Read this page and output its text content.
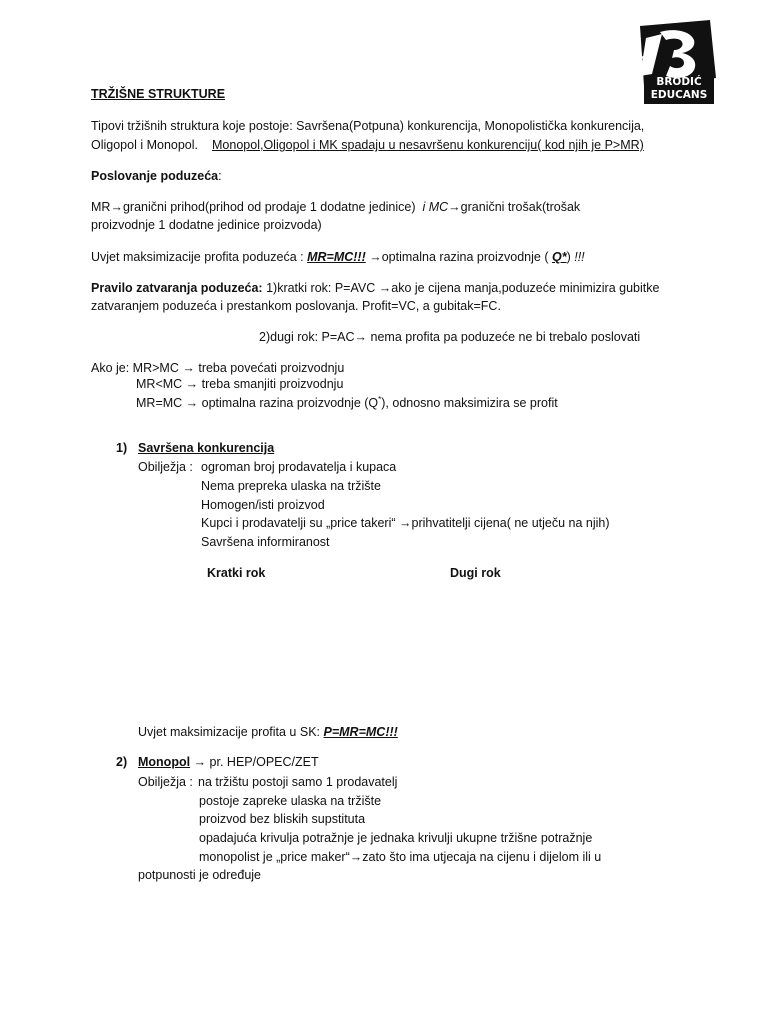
BRODIĆ
EDUCANS
TRŽIŠNE STRUKTURE
Tipovi tržišnih struktura koje postoje: Savršena(Potpuna) konkurencija, Monopolistička konkurencija,
Oligopol i Monopol. Monopol,Oligopol i MK spadaju u nesavršenu konkurenciju( kod njih je P>MR)
Poslovanje poduzeća:
MR→granični prihod(prihod od prodaje 1 dodatne jedinice) i MC→granični trošak(trošak
proizvodnje 1 dodatne jedinice proizvoda)
Uvjet maksimizacije profita poduzeća : MR=MC!!! →optimalna razina proizvodnje ( Q*) !!!
Pravilo zatvaranja poduzeća: 1)kratki rok: P=AVC →ako je cijena manja,poduzeće minimizira gubitke
zatvaranjem poduzeća i prestankom poslovanja. Profit=VC, a gubitak=FC.
2)dugi rok: P=AC→ nema profita pa poduzeće ne bi trebalo poslovati
Ako je: MR>MC → treba povećati proizvodnju
MR<MC → treba smanjiti proizvodnju
MR=MC → optimalna razina proizvodnje (Q*), odnosno maksimizira se profit
1) Savršena konkurencija
Obilježja : ogroman broj prodavatelja i kupaca
Nema prepreka ulaska na tržište
Homogen/isti proizvod
Kupci i prodavatelji su „price takeri“ →prihvatitelji cijena( ne utječu na njih)
Savršena informiranost
Kratki rok	Dugi rok
Uvjet maksimizacije profita u SK: P=MR=MC!!!
2) Monopol → pr. HEP/OPEC/ZET
Obilježja : na tržištu postoji samo 1 prodavatelj
postoje zapreke ulaska na tržište
proizvod bez bliskih supstituta
opadajuća krivulja potražnje je jednaka krivulji ukupne tržišne potražnje
monopolist je „price maker“→zato što ima utjecaja na cijenu i dijelom ili u
potpunosti je određuje
